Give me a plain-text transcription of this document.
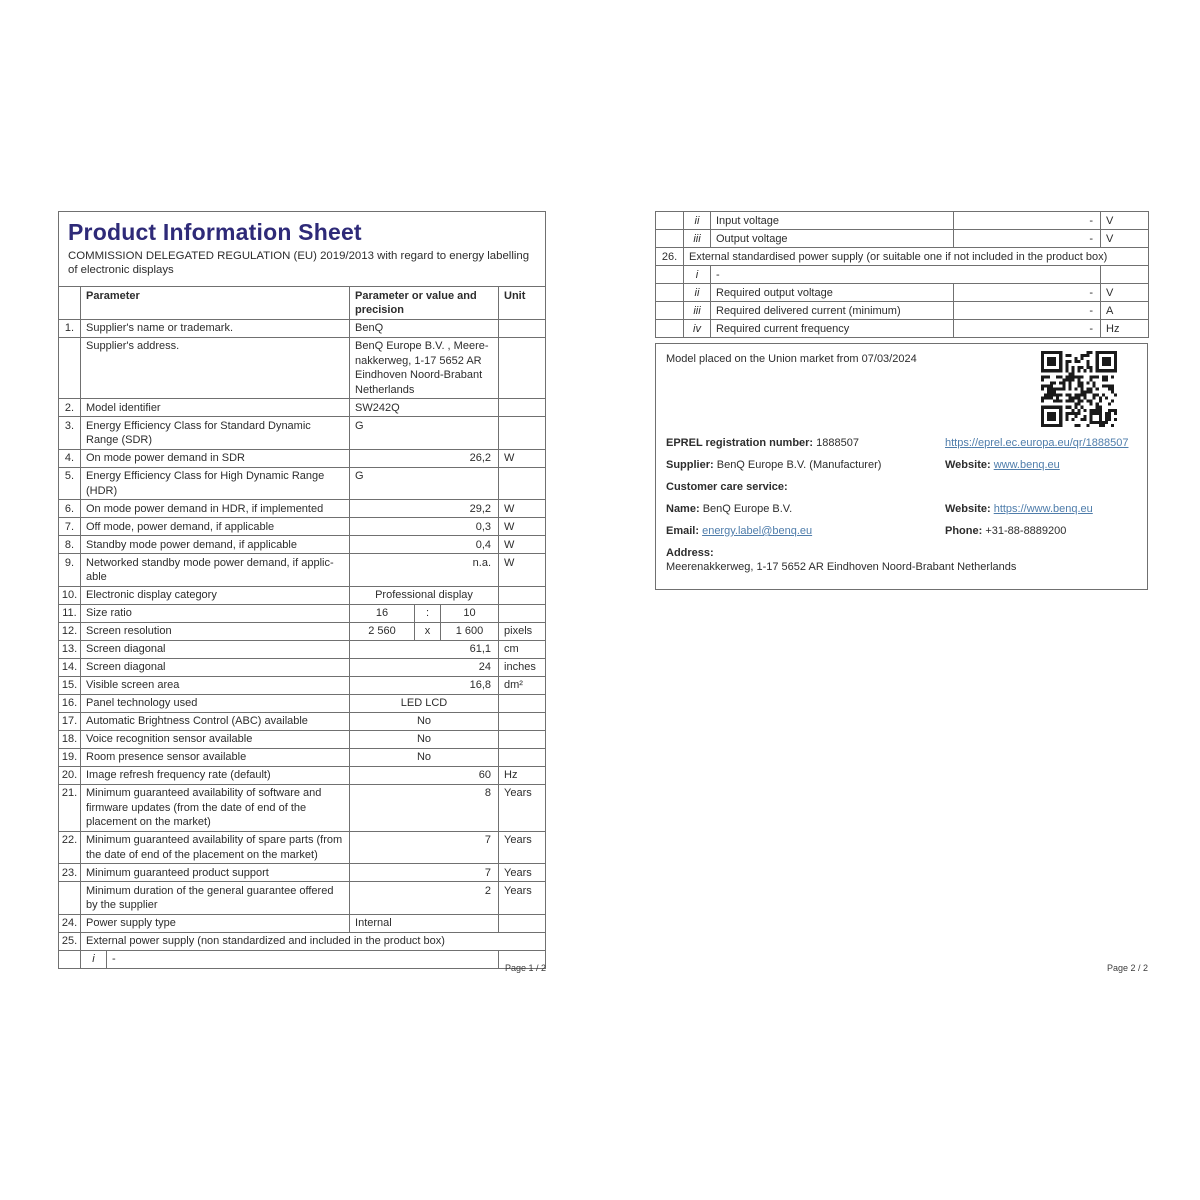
Product Information Sheet
COMMISSION DELEGATED REGULATION (EU) 2019/2013 with regard to energy labelling of electronic displays
	Parameter		Parameter or value and precision			Unit
1.	Supplier's name or trademark.		BenQ			
	Supplier's address.		BenQ Europe B.V. , Meere-nakkerweg, 1-17 5652 AR Eindhoven Noord-Brabant Netherlands			
2.	Model identifier		SW242Q			
3.	Energy Efficiency Class for Standard Dynamic Range (SDR)		G			
4.	On mode power demand in SDR		26,2			W
5.	Energy Efficiency Class for High Dynamic Range (HDR)		G			
6.	On mode power demand in HDR, if implemented		29,2			W
7.	Off mode, power demand, if applicable		0,3			W
8.	Standby mode power demand, if applicable		0,4			W
9.	Networked standby mode power demand, if applicable		n.a.			W
10.	Electronic display category		Professional display			
11.	Size ratio		16	:	10	
12.	Screen resolution		2 560	x	1 600	pixels
13.	Screen diagonal		61,1			cm
14.	Screen diagonal		24			inches
15.	Visible screen area		16,8			dm²
16.	Panel technology used		LED LCD			
17.	Automatic Brightness Control (ABC) available		No			
18.	Voice recognition sensor available		No			
19.	Room presence sensor available		No			
20.	Image refresh frequency rate (default)		60			Hz
21.	Minimum guaranteed availability of software and firmware updates (from the date of end of the placement on the market)		8			Years
22.	Minimum guaranteed availability of spare parts (from the date of end of the placement on the market)		7			Years
23.	Minimum guaranteed product support		7			Years
	Minimum duration of the general guarantee offered by the supplier		2			Years
24.	Power supply type		Internal			
25.	External power supply (non standardized and included in the product box)					
	i	-				
Page 1 / 2
	ii	Input voltage	-	V
	iii	Output voltage	-	V
26.	External standardised power supply (or suitable one if not included in the product box)			
	i	-		
	ii	Required output voltage	-	V
	iii	Required delivered current (minimum)	-	A
	iv	Required current frequency	-	Hz
Model placed on the Union market from 07/03/2024
EPREL registration number: 1888507	https://eprel.ec.europa.eu/qr/1888507
Supplier: BenQ Europe B.V. (Manufacturer)	Website: www.benq.eu
Customer care service:
Name: BenQ Europe B.V.	Website: https://www.benq.eu
Email: energy.label@benq.eu	Phone: +31-88-8889200
Address:
Meerenakkerweg, 1-17 5652 AR Eindhoven Noord-Brabant Netherlands
Page 2 / 2
